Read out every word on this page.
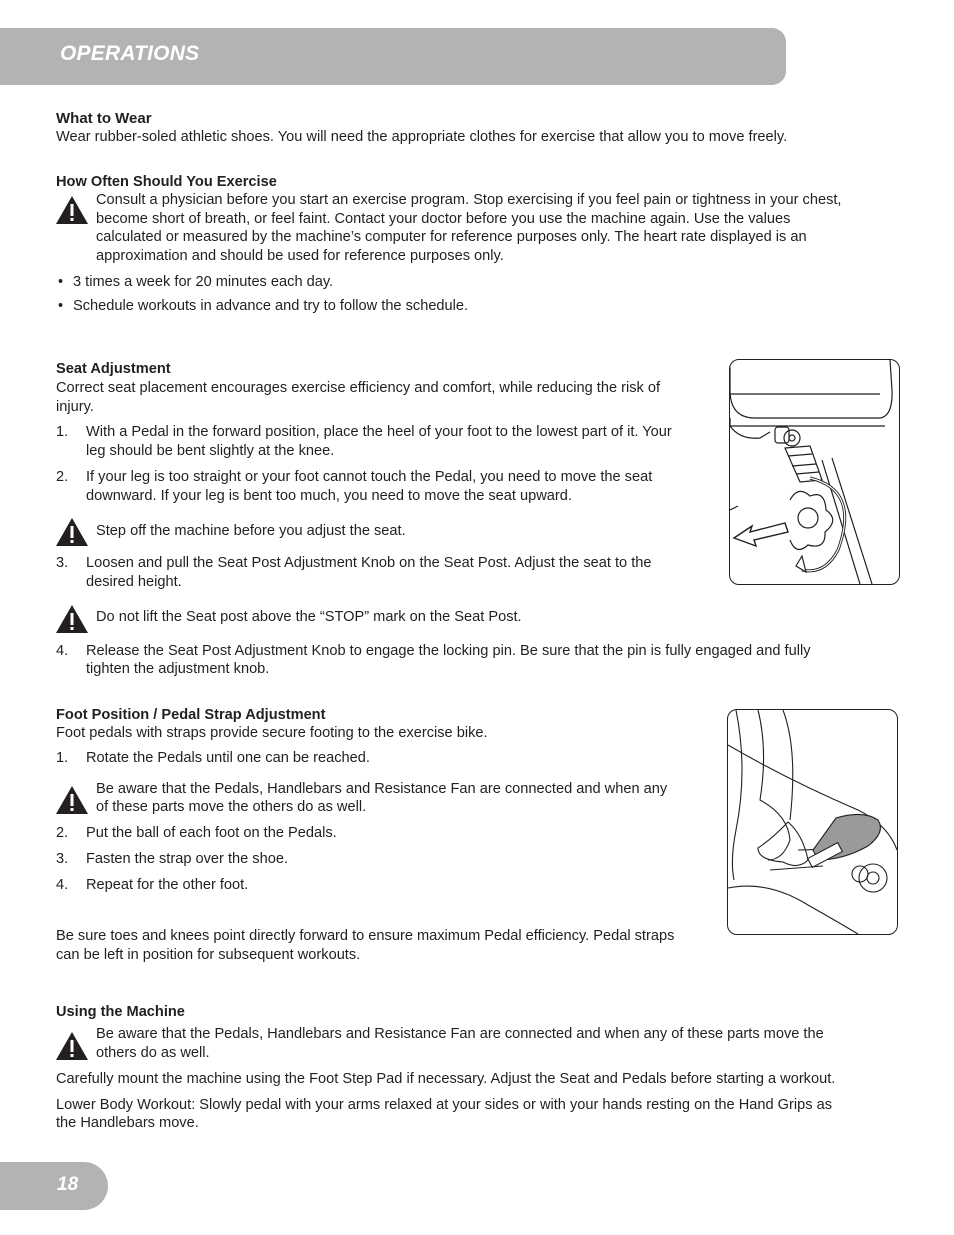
OPERATIONS

What to Wear

Wear rubber-soled athletic shoes. You will need the appropriate clothes for exercise that allow you to move freely.

How Often Should You Exercise

Consult a physician before you start an exercise program. Stop exercising if you feel pain or tightness in your chest,

become short of breath, or feel faint. Contact your doctor before you use the machine again. Use the values

calculated or measured by the machine’s computer for reference purposes only. The heart rate displayed is an

approximation and should be used for reference purposes only.

• 3 times a week for 20 minutes each day.

• Schedule workouts in advance and try to follow the schedule.

Seat Adjustment

Correct seat placement encourages exercise efficiency and comfort, while reducing the risk of

injury.

1. With a Pedal in the forward position, place the heel of your foot to the lowest part of it. Your

leg should be bent slightly at the knee.

2. If your leg is too straight or your foot cannot touch the Pedal, you need to move the seat

downward. If your leg is bent too much, you need to move the seat upward.

Step off the machine before you adjust the seat.

3. Loosen and pull the Seat Post Adjustment Knob on the Seat Post. Adjust the seat to the

desired height.

Do not lift the Seat post above the “STOP” mark on the Seat Post.

4. Release the Seat Post Adjustment Knob to engage the locking pin. Be sure that the pin is fully engaged and fully

tighten the adjustment knob.

Foot Position / Pedal Strap Adjustment

Foot pedals with straps provide secure footing to the exercise bike.

1. Rotate the Pedals until one can be reached.

Be aware that the Pedals, Handlebars and Resistance Fan are connected and when any

of these parts move the others do as well.

2. Put the ball of each foot on the Pedals.

3. Fasten the strap over the shoe.

4. Repeat for the other foot.

Be sure toes and knees point directly forward to ensure maximum Pedal efficiency. Pedal straps

can be left in position for subsequent workouts.

Using the Machine

Be aware that the Pedals, Handlebars and Resistance Fan are connected and when any of these parts move the

others do as well.

Carefully mount the machine using the Foot Step Pad if necessary. Adjust the Seat and Pedals before starting a workout.

Lower Body Workout: Slowly pedal with your arms relaxed at your sides or with your hands resting on the Hand Grips as

the Handlebars move.

18
